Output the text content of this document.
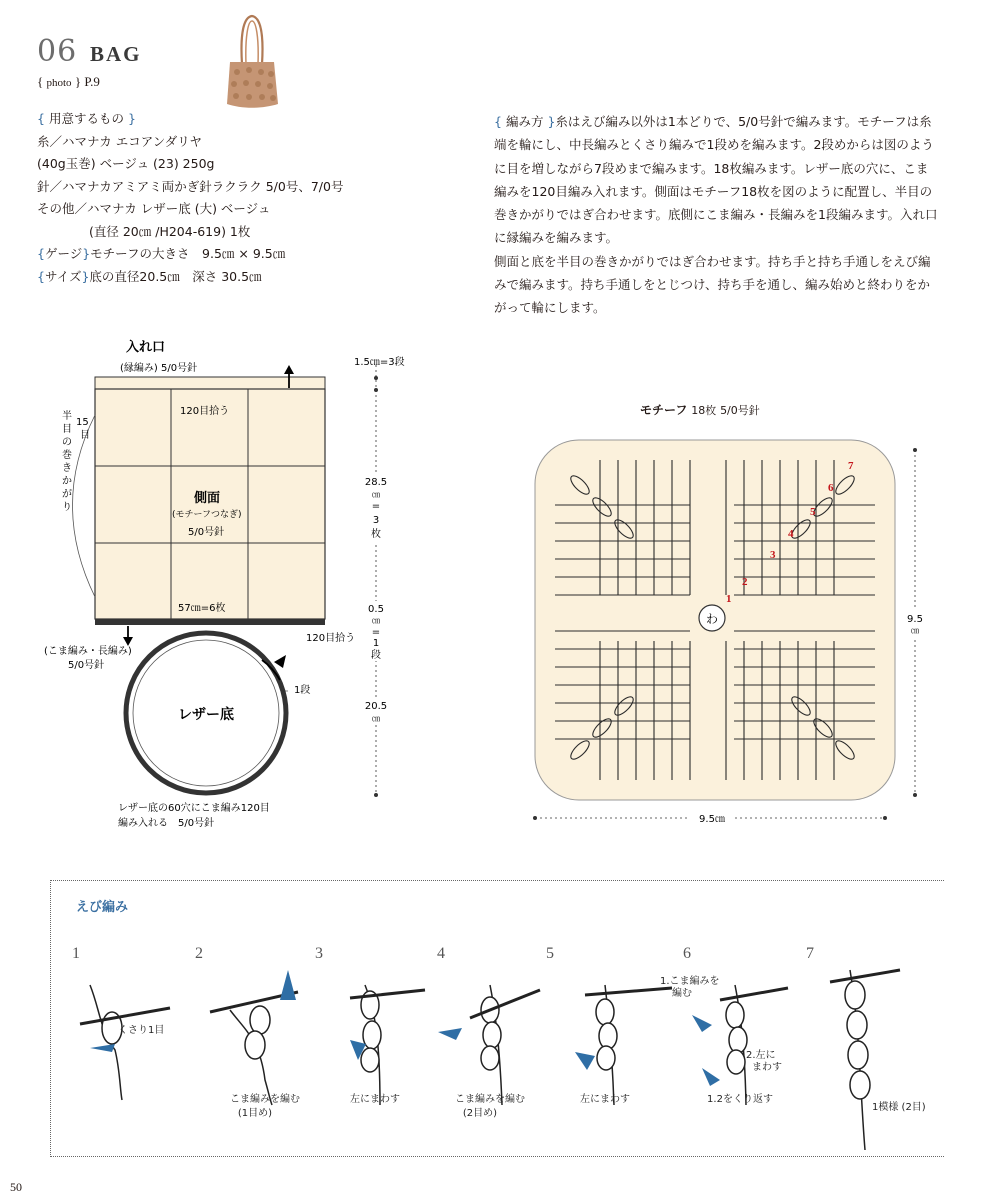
06 BAG
{ photo } P.9
{ 用意するもの }
糸／ハマナカ エコアンダリヤ
(40g玉巻) ベージュ (23) 250g
針／ハマナカアミアミ両かぎ針ラクラク 5/0号、7/0号
その他／ハマナカ レザー底 (大) ベージュ
(直径 20㎝ /H204-619) 1枚
{ゲージ}モチーフの大きさ　9.5㎝ × 9.5㎝
{サイズ}底の直径20.5㎝　深さ 30.5㎝

{ 編み方 }糸はえび編み以外は1本どりで、5/0号針で編みます。モチーフは糸端を輪にし、中長編みとくさり編みで1段めを編みます。2段めからは図のように目を増しながら7段めまで編みます。18枚編みます。レザー底の穴に、こま編みを120目編み入れます。側面はモチーフ18枚を図のように配置し、半目の巻きかがりではぎ合わせます。底側にこま編み・長編みを1段編みます。入れ口に縁編みを編みます。

側面と底を半目の巻きかがりではぎ合わせます。持ち手と持ち手通しをえび編みで編みます。持ち手通しをとじつけ、持ち手を通し、編み始めと終わりをかがって輪にします。

入れ口
(縁編み) 5/0号針
120目拾う
側面
(モチーフつなぎ)
5/0号針
57㎝=6枚
120目拾う
(こま編み・長編み)
5/0号針
15
目
半
目
の
巻
き
か
が
り
レザー底
1段
レザー底の60穴にこま編み120目
編み入れる　5/0号針
1.5㎝=3段
28.5
㎝
=
3
枚
0.5
㎝
=
1
段
20.5
㎝
モチーフ 18枚 5/0号針
わ
1
2
3
4
5
6
7
9.5㎝
9.5
㎝
えび編み
1	2	3	4	5	6	7
くさり1目
1.こま編みを
編む
2.左に
まわす
1模様 (2目)
こま編みを編む
(1目め)
左にまわす	こま編みを編む
(2目め)
左にまわす	1.2をくり返す
50
